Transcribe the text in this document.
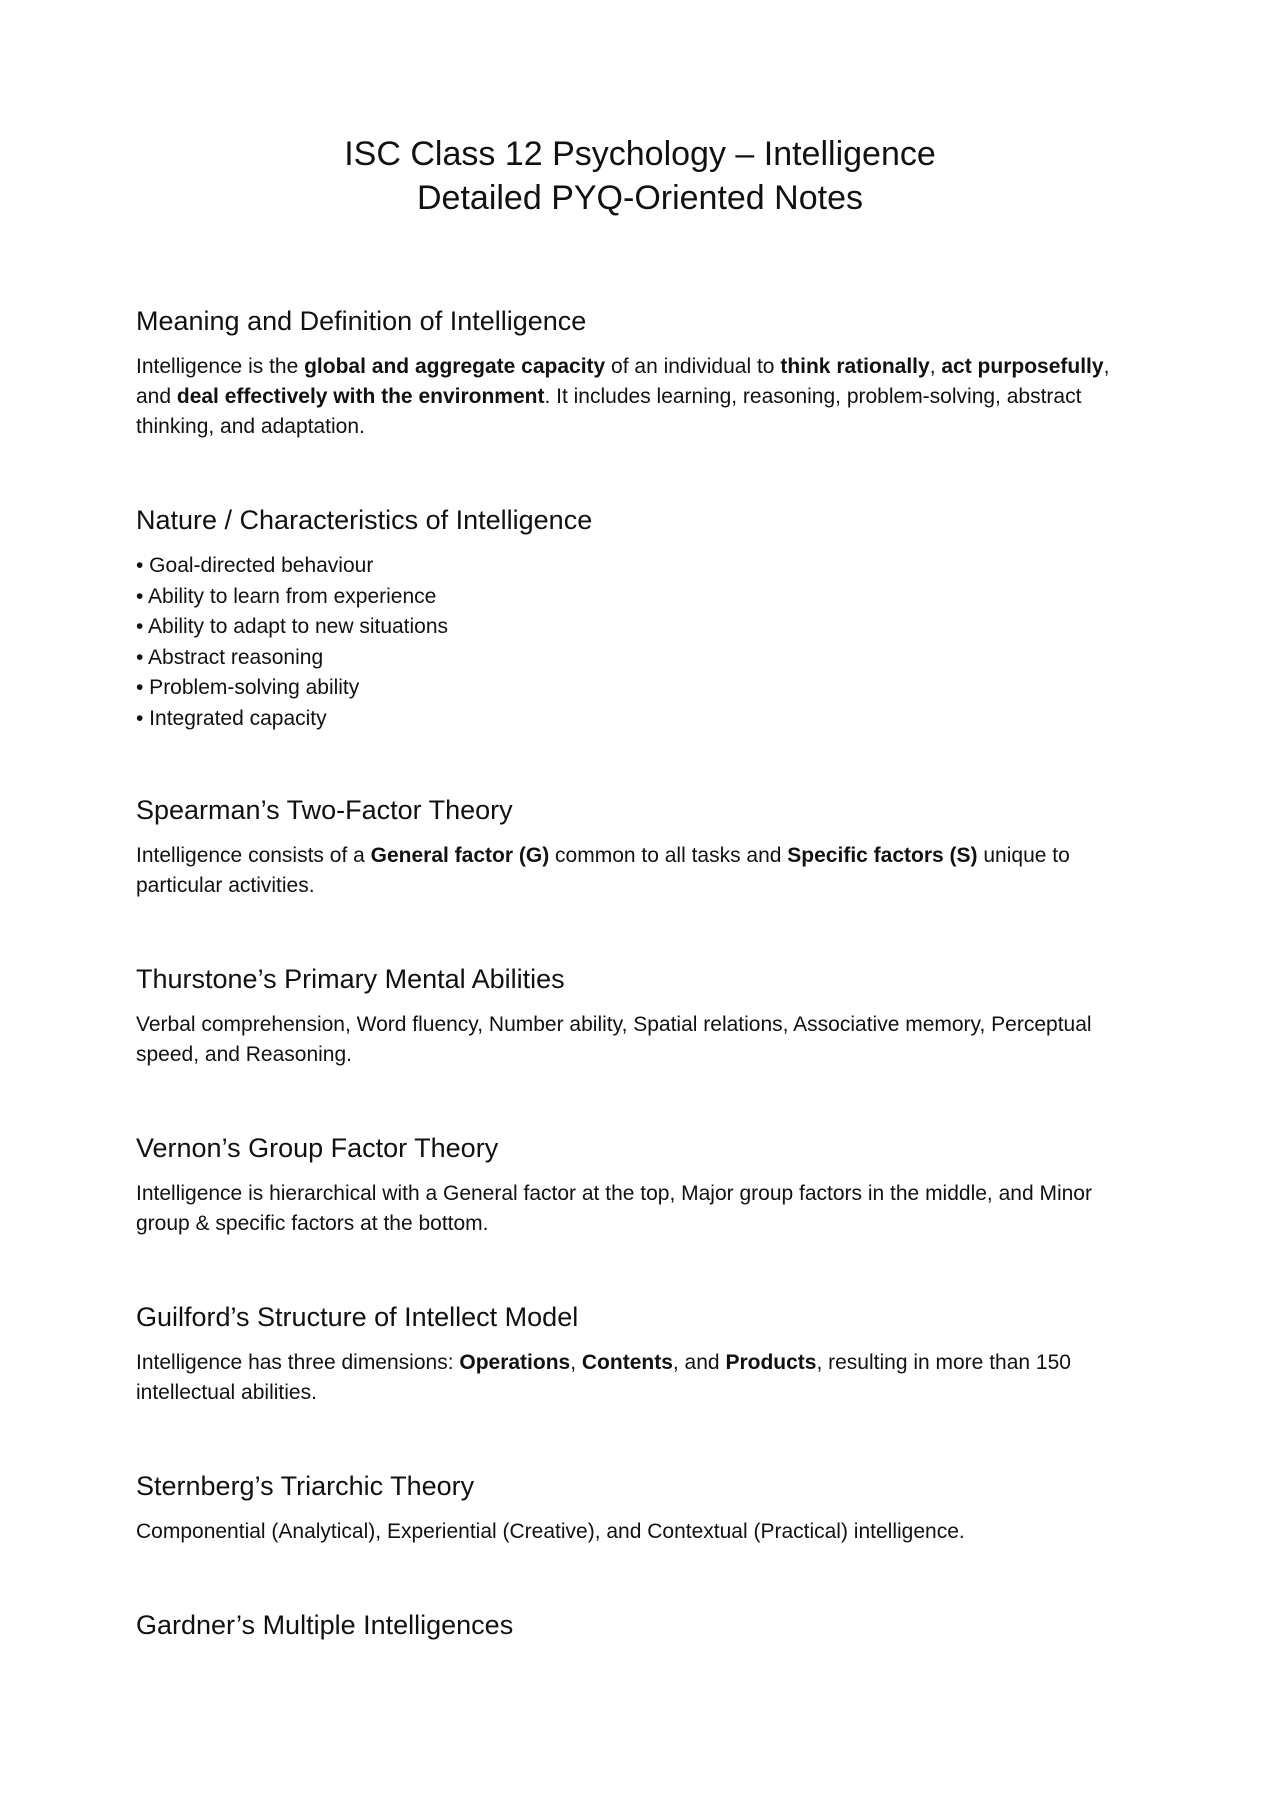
ISC Class 12 Psychology – Intelligence
Detailed PYQ-Oriented Notes
Meaning and Definition of Intelligence

Intelligence is the global and aggregate capacity of an individual to think rationally, act purposefully, and deal effectively with the environment. It includes learning, reasoning, problem-solving, abstract thinking, and adaptation.

Nature / Characteristics of Intelligence
• Goal-directed behaviour
• Ability to learn from experience
• Ability to adapt to new situations
• Abstract reasoning
• Problem-solving ability
• Integrated capacity
Spearman’s Two-Factor Theory

Intelligence consists of a General factor (G) common to all tasks and Specific factors (S) unique to particular activities.

Thurstone’s Primary Mental Abilities

Verbal comprehension, Word fluency, Number ability, Spatial relations, Associative memory, Perceptual speed, and Reasoning.

Vernon’s Group Factor Theory

Intelligence is hierarchical with a General factor at the top, Major group factors in the middle, and Minor group & specific factors at the bottom.

Guilford’s Structure of Intellect Model

Intelligence has three dimensions: Operations, Contents, and Products, resulting in more than 150 intellectual abilities.

Sternberg’s Triarchic Theory

Componential (Analytical), Experiential (Creative), and Contextual (Practical) intelligence.

Gardner’s Multiple Intelligences
